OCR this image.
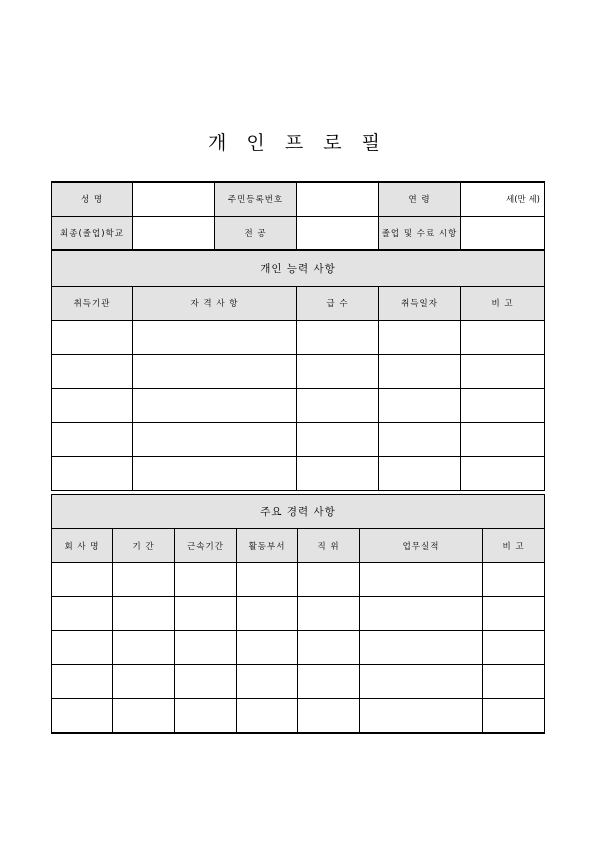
개 인 프 로 필
성 명		주민등록번호		연 령	세(만 세)
최종(졸업)학교		전 공		졸업 및 수료 시항	
개인 능력 사항					
취득기관	자 격 사 항		급 수	취득일자	비 고

주요 경력 사항						
회 사 명	기 간	근속기간	활동부서	직 위	업무실적	비 고
